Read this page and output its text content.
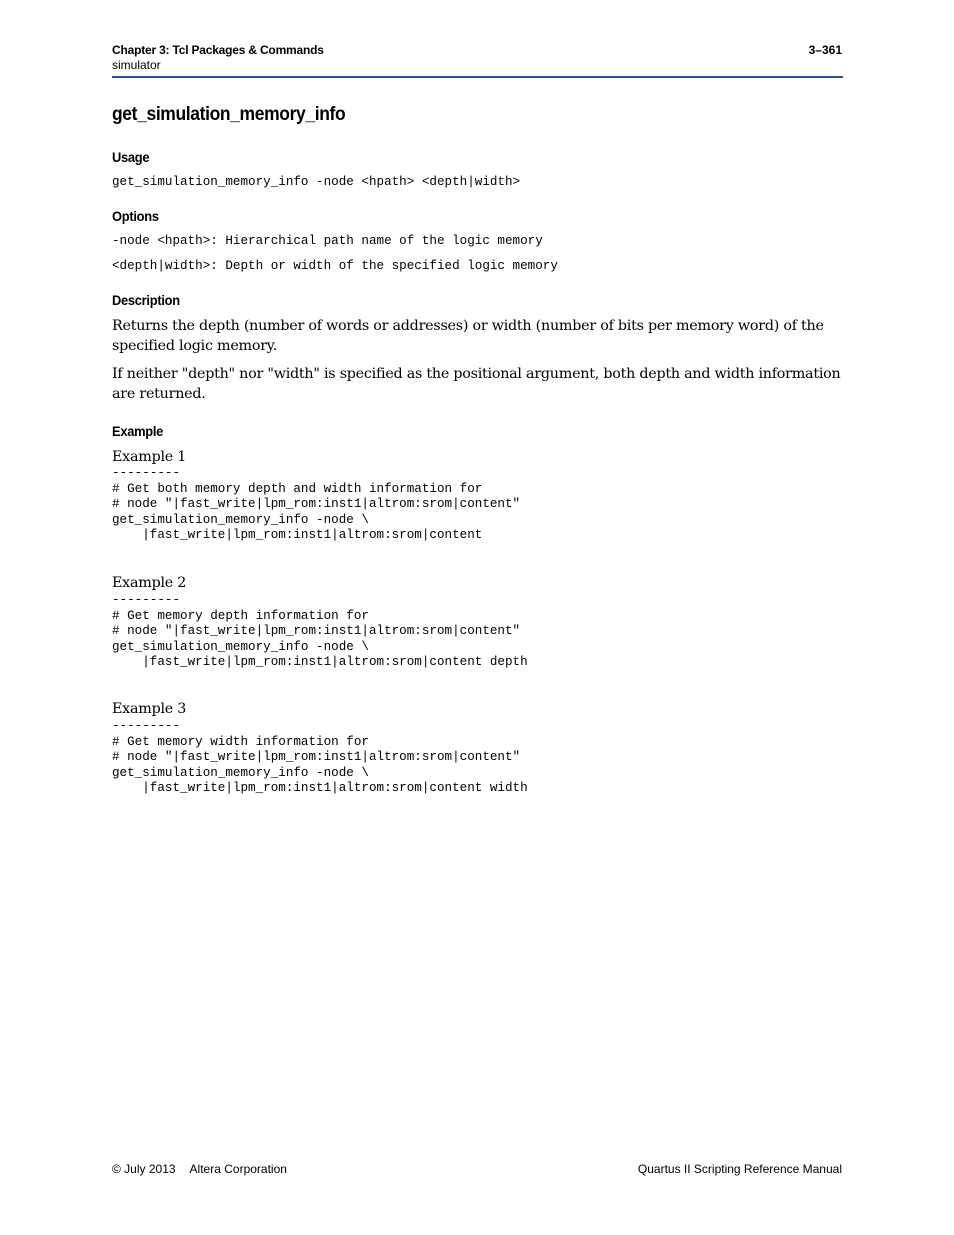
Chapter 3: Tcl Packages & Commands
simulator
3–361
get_simulation_memory_info
Usage
get_simulation_memory_info -node <hpath> <depth|width>
Options
-node <hpath>: Hierarchical path name of the logic memory
<depth|width>: Depth or width of the specified logic memory
Description
Returns the depth (number of words or addresses) or width (number of bits per memory word) of the specified logic memory.
If neither "depth" nor "width" is specified as the positional argument, both depth and width information are returned.
Example
Example 1
---------
# Get both memory depth and width information for
# node "|fast_write|lpm_rom:inst1|altrom:srom|content"
get_simulation_memory_info -node \
|fast_write|lpm_rom:inst1|altrom:srom|content
Example 2
---------
# Get memory depth information for
# node "|fast_write|lpm_rom:inst1|altrom:srom|content"
get_simulation_memory_info -node \
|fast_write|lpm_rom:inst1|altrom:srom|content depth
Example 3
---------
# Get memory width information for
# node "|fast_write|lpm_rom:inst1|altrom:srom|content"
get_simulation_memory_info -node \
|fast_write|lpm_rom:inst1|altrom:srom|content width
© July 2013 Altera Corporation	Quartus II Scripting Reference Manual
